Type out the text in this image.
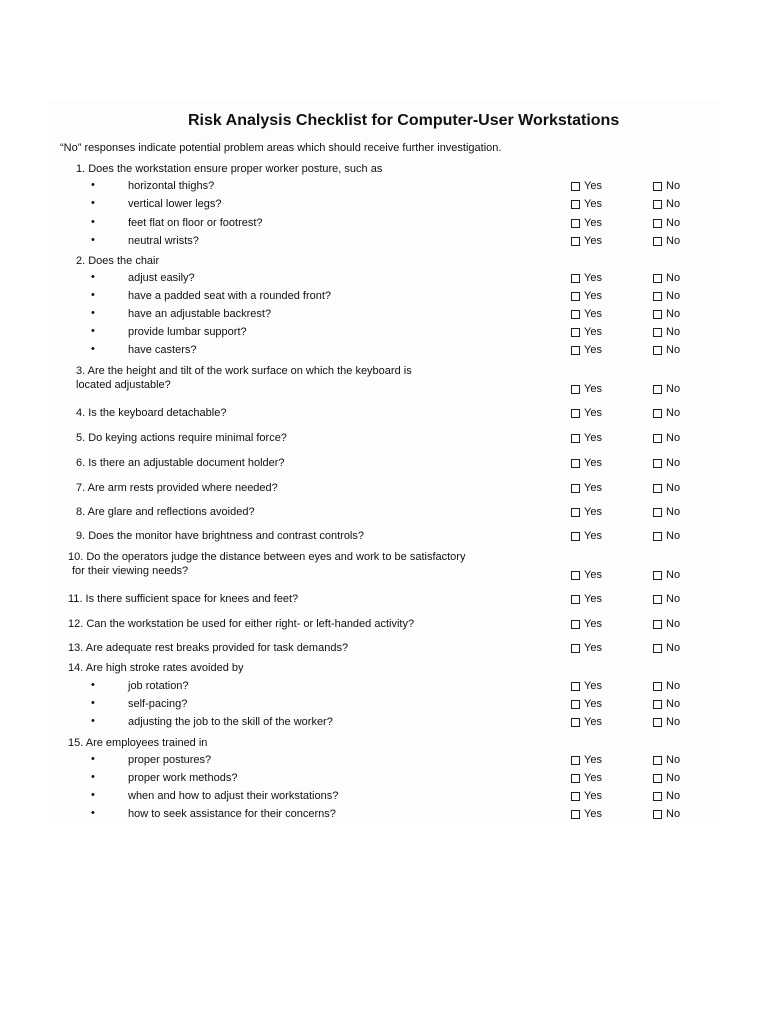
Risk Analysis Checklist for Computer-User Workstations
“No” responses indicate potential problem areas which should receive further investigation.
1. Does the workstation ensure proper worker posture, such as
•	horizontal thighs?	Yes	No
•	vertical lower legs?	Yes	No
•	feet flat on floor or footrest?	Yes	No
•	neutral wrists?	Yes	No
2. Does the chair
•	adjust easily?	Yes	No
•	have a padded seat with a rounded front?	Yes	No
•	have an adjustable backrest?	Yes	No
•	provide lumbar support?	Yes	No
•	have casters?	Yes	No
3. Are the height and tilt of the work surface on which the keyboard is
located adjustable?	Yes	No
4. Is the keyboard detachable?	Yes	No
5. Do keying actions require minimal force?	Yes	No
6. Is there an adjustable document holder?	Yes	No
7. Are arm rests provided where needed?	Yes	No
8. Are glare and reflections avoided?	Yes	No
9. Does the monitor have brightness and contrast controls?	Yes	No
10. Do the operators judge the distance between eyes and work to be satisfactory
for their viewing needs?	Yes	No
11. Is there sufficient space for knees and feet?	Yes	No
12. Can the workstation be used for either right- or left-handed activity?	Yes	No
13. Are adequate rest breaks provided for task demands?	Yes	No
14. Are high stroke rates avoided by
•	job rotation?	Yes	No
•	self-pacing?	Yes	No
•	adjusting the job to the skill of the worker?	Yes	No
15. Are employees trained in
•	proper postures?	Yes	No
•	proper work methods?	Yes	No
•	when and how to adjust their workstations?	Yes	No
•	how to seek assistance for their concerns?	Yes	No
